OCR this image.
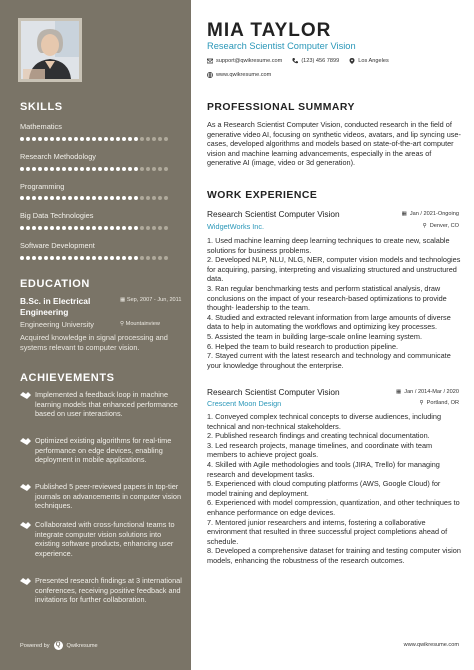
SKILLS
Mathematics
Research Methodology
Programming
Big Data Technologies
Software Development
EDUCATION
B.Sc. in Electrical Engineering
▦ Sep, 2007 - Jun, 2011
Engineering University	⚲ Mountainview
Acquired knowledge in signal processing and systems relevant to computer vision.
ACHIEVEMENTS
Implemented a feedback loop in machine learning models that enhanced performance based on user interactions.
Optimized existing algorithms for real-time performance on edge devices, enabling deployment in mobile applications.
Published 5 peer-reviewed papers in top-tier journals on advancements in computer vision techniques.
Collaborated with cross-functional teams to integrate computer vision solutions into existing software products, enhancing user experience.
Presented research findings at 3 international conferences, receiving positive feedback and invitations for further collaboration.
Powered by	Q	Qwikresume
MIA TAYLOR
Research Scientist Computer Vision
support@qwikresume.com	(123) 456 7899	Los Angeles
www.qwikresume.com
PROFESSIONAL SUMMARY
As a Research Scientist Computer Vision, conducted research in the field of generative video AI, focusing on synthetic videos, avatars, and lip syncing use-cases, developed algorithms and models based on state-of-the-art computer vision and machine learning advancements, especially in the areas of generative AI (image, video or 3d generation).
WORK EXPERIENCE
Research Scientist Computer Vision	▦ Jan / 2021-Ongoing
WidgetWorks Inc.	⚲ Denver, CO
1. Used machine learning deep learning techniques to create new, scalable solutions for business problems.
2. Developed NLP, NLU, NLG, NER, computer vision models and technologies for acquiring, parsing, interpreting and visualizing structured and unstructured data.
3. Ran regular benchmarking tests and perform statistical analysis, draw conclusions on the impact of your research-based optimizations to provide thought- leadership to the team.
4. Studied and extracted relevant information from large amounts of diverse data to help in automating the workflows and optimizing key processes.
5. Assisted the team in building large-scale online learning system.
6. Helped the team to build research to production pipeline.
7. Stayed current with the latest research and technology and communicate your knowledge throughout the enterprise.
Research Scientist Computer Vision	▦ Jan / 2014-Mar / 2020
Crescent Moon Design	⚲ Portland, OR
1. Conveyed complex technical concepts to diverse audiences, including technical and non-technical stakeholders.
2. Published research findings and creating technical documentation.
3. Led research projects, manage timelines, and coordinate with team members to achieve project goals.
4. Skilled with Agile methodologies and tools (JIRA, Trello) for managing research and development tasks.
5. Experienced with cloud computing platforms (AWS, Google Cloud) for model training and deployment.
6. Experienced with model compression, quantization, and other techniques to enhance performance on edge devices.
7. Mentored junior researchers and interns, fostering a collaborative environment that resulted in three successful project completions ahead of schedule.
8. Developed a comprehensive dataset for training and testing computer vision models, enhancing the robustness of the research outcomes.
www.qwikresume.com
